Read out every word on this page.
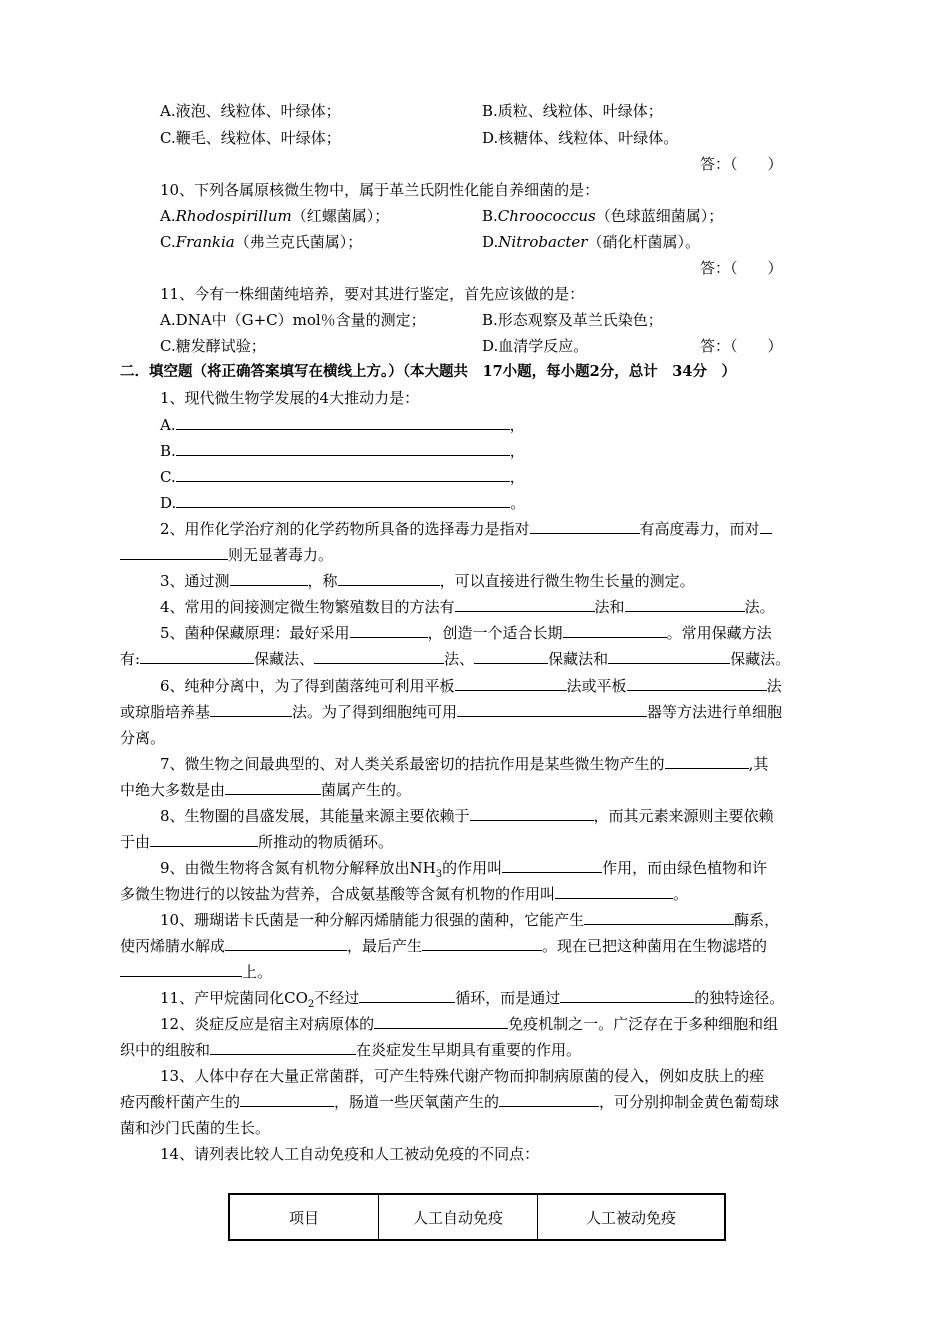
A.液泡、线粒体、叶绿体；	B.质粒、线粒体、叶绿体；
C.鞭毛、线粒体、叶绿体；	D.核糖体、线粒体、叶绿体。
答：（　　）
10、下列各属原核微生物中，属于革兰氏阴性化能自养细菌的是：
A.Rhodospirillum（红螺菌属）；	B.Chroococcus（色球蓝细菌属）；
C.Frankia（弗兰克氏菌属）；	D.Nitrobacter（硝化杆菌属）。
答：（　　）
11、今有一株细菌纯培养，要对其进行鉴定，首先应该做的是：
A.DNA中（G+C）mol％含量的测定；	B.形态观察及革兰氏染色；
C.糖发酵试验；	D.血清学反应。	答：（　　）
二．填空题（将正确答案填写在横线上方。）（本大题共　17小题，每小题2分，总计　34分　）
1、现代微生物学发展的4大推动力是：
A.	，
B.	，
C.	，
D.	。
2、用作化学治疗剂的化学药物所具备的选择毒力是指对	有高度毒力，而对
则无显著毒力。
3、通过测	，称	，可以直接进行微生物生长量的测定。
4、常用的间接测定微生物繁殖数目的方法有	法和	法。
5、菌种保藏原理：最好采用	，创造一个适合长期	。常用保藏方法
有:	保藏法、	法、	保藏法和	保藏法。
6、纯种分离中，为了得到菌落纯可利用平板	法或平板	法
或琼脂培养基	法。为了得到细胞纯可用	器等方法进行单细胞
分离。
7、微生物之间最典型的、对人类关系最密切的拮抗作用是某些微生物产生的	,其
中绝大多数是由	菌属产生的。
8、生物圈的昌盛发展，其能量来源主要依赖于	，而其元素来源则主要依赖
于由	所推动的物质循环。
9、由微生物将含氮有机物分解释放出$NH_3$的作用叫	作用，而由绿色植物和许
多微生物进行的以铵盐为营养，合成氨基酸等含氮有机物的作用叫	。
10、珊瑚诺卡氏菌是一种分解丙烯腈能力很强的菌种，它能产生	酶系，
使丙烯腈水解成	，最后产生	。现在已把这种菌用在生物滤塔的
上。
11、产甲烷菌同化$CO_2$不经过	循环，而是通过	的独特途径。
12、炎症反应是宿主对病原体的	免疫机制之一。广泛存在于多种细胞和组
织中的组胺和	在炎症发生早期具有重要的作用。
13、人体中存在大量正常菌群，可产生特殊代谢产物而抑制病原菌的侵入，例如皮肤上的痤
疮丙酸杆菌产生的	，肠道一些厌氧菌产生的	，可分别抑制金黄色葡萄球
菌和沙门氏菌的生长。
14、请列表比较人工自动免疫和人工被动免疫的不同点：
项目	人工自动免疫	人工被动免疫
